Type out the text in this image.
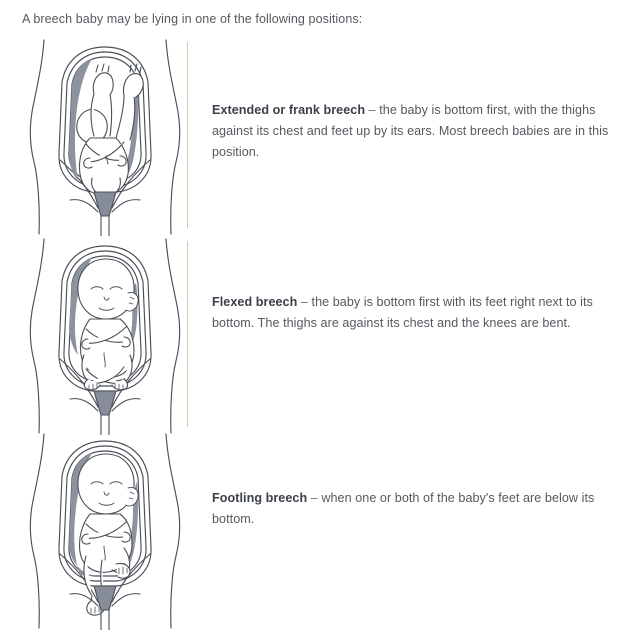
A breech baby may be lying in one of the following positions:
Extended or frank breech – the baby is bottom first, with the thighs against its chest and feet up by its ears. Most breech babies are in this position.
Flexed breech – the baby is bottom first with its feet right next to its bottom. The thighs are against its chest and the knees are bent.
Footling breech – when one or both of the baby's feet are below its bottom.
